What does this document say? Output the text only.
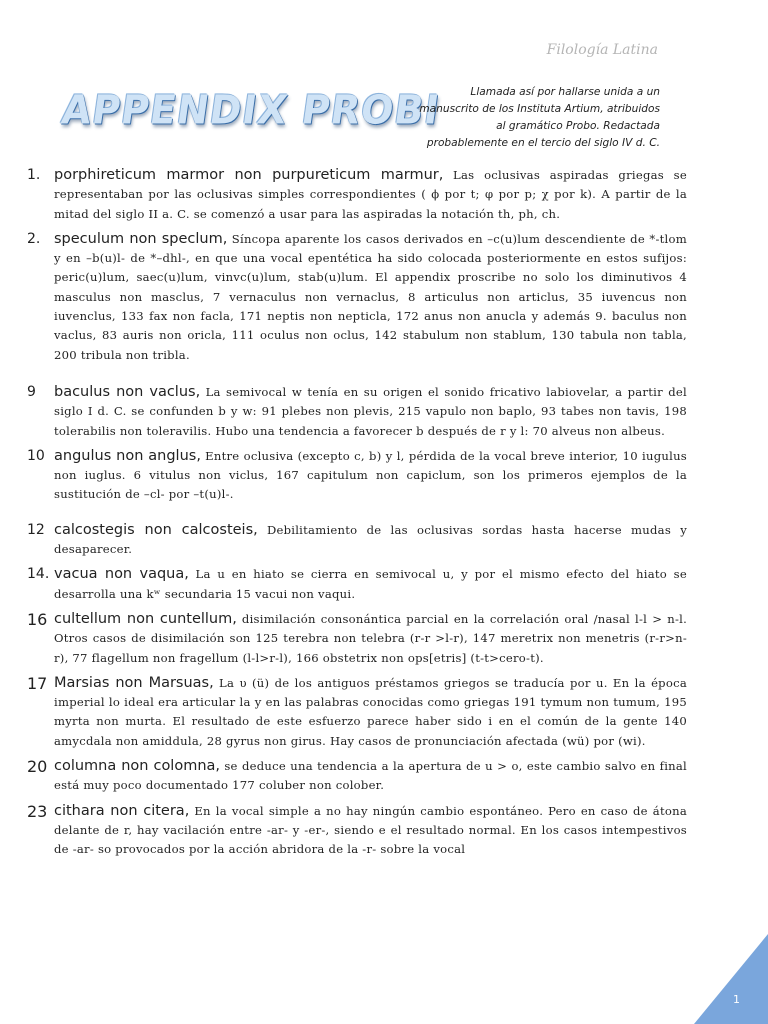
Filología Latina
APPENDIX PROBI	Llamada así por hallarse unida a un
manuscrito de los Instituta Artium, atribuidos
al gramático Probo. Redactada
probablemente en el tercio del siglo IV d. C.
1. porphireticum marmor non purpureticum marmur, Las oclusivas aspiradas griegas se representaban por las oclusivas simples correspondientes ( ϕ por t; φ por p; χ por k). A partir de la mitad del siglo II a. C. se comenzó a usar para las aspiradas la notación th, ph, ch.
2. speculum non speclum, Síncopa aparente los casos derivados en –c(u)lum descendiente de *-tlom y en –b(u)l- de *–dhl-, en que una vocal epentética ha sido colocada posteriormente en estos sufijos: peric(u)lum, saec(u)lum, vinvc(u)lum, stab(u)lum. El appendix proscribe no solo los diminutivos 4 masculus non masclus, 7 vernaculus non vernaclus, 8 articulus non articlus, 35 iuvencus non iuvenclus, 133 fax non facla, 171 neptis non nepticla, 172 anus non anucla y además 9. baculus non vaclus, 83 auris non oricla, 111 oculus non oclus, 142 stabulum non stablum, 130 tabula non tabla, 200 tribula non tribla.
9	baculus non vaclus, La semivocal w tenía en su origen el sonido fricativo labiovelar, a partir del siglo I d. C. se confunden b y w: 91 plebes non plevis, 215 vapulo non baplo, 93 tabes non tavis, 198 tolerabilis non toleravilis. Hubo una tendencia a favorecer b después de r y l: 70 alveus non albeus.
10 angulus non anglus, Entre oclusiva (excepto c, b) y l, pérdida de la vocal breve interior, 10 iugulus non iuglus. 6 vitulus non viclus, 167 capitulum non capiclum, son los primeros ejemplos de la sustitución de –cl- por –t(u)l-.
12 calcostegis non calcosteis, Debilitamiento de las oclusivas sordas hasta hacerse mudas y desaparecer.
14. vacua non vaqua, La u en hiato se cierra en semivocal u, y por el mismo efecto del hiato se desarrolla una kʷ secundaria 15 vacui non vaqui.
16 cultellum non cuntellum, disimilación consonántica parcial en la correlación oral /nasal l-l > n-l. Otros casos de disimilación son 125 terebra non telebra (r-r >l-r), 147 meretrix non menetris (r-r>n-r), 77 flagellum non fragellum (l-l>r-l), 166 obstetrix non ops[etris] (t-t>cero-t).
17 Marsias non Marsuas, La υ (ü) de los antiguos préstamos griegos se traducía por u. En la época imperial lo ideal era articular la y en las palabras conocidas como griegas 191 tymum non tumum, 195 myrta non murta. El resultado de este esfuerzo parece haber sido i en el común de la gente 140 amycdala non amiddula, 28 gyrus non girus. Hay casos de pronunciación afectada (wü) por (wi).
20 columna non colomna, se deduce una tendencia a la apertura de u > o, este cambio salvo en final está muy poco documentado 177 coluber non colober.
23 cithara non citera, En la vocal simple a no hay ningún cambio espontáneo. Pero en caso de átona delante de r, hay vacilación entre -ar- y -er-, siendo e el resultado normal. En los casos intempestivos de -ar- so provocados por la acción abridora de la -r- sobre la vocal
1
